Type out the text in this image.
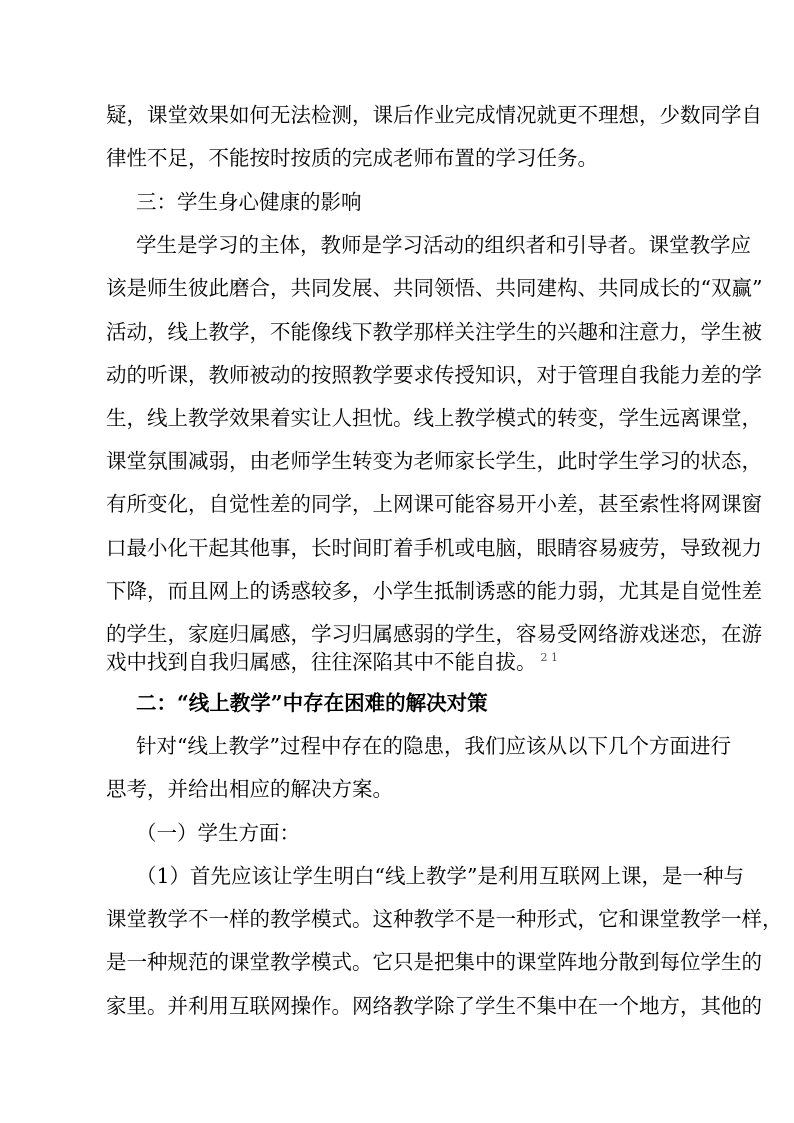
疑，课堂效果如何无法检测，课后作业完成情况就更不理想，少数同学自
律性不足，不能按时按质的完成老师布置的学习任务。
三：学生身心健康的影响
学生是学习的主体，教师是学习活动的组织者和引导者。课堂教学应
该是师生彼此磨合，共同发展、共同领悟、共同建构、共同成长的“双赢”
活动，线上教学，不能像线下教学那样关注学生的兴趣和注意力，学生被
动的听课，教师被动的按照教学要求传授知识，对于管理自我能力差的学
生，线上教学效果着实让人担忧。线上教学模式的转变，学生远离课堂，
课堂氛围减弱，由老师学生转变为老师家长学生，此时学生学习的状态，
有所变化，自觉性差的同学，上网课可能容易开小差，甚至索性将网课窗
口最小化干起其他事，长时间盯着手机或电脑，眼睛容易疲劳，导致视力
下降，而且网上的诱惑较多，小学生抵制诱惑的能力弱，尤其是自觉性差
的学生，家庭归属感，学习归属感弱的学生，容易受网络游戏迷恋，在游
戏中找到自我归属感，往往深陷其中不能自拔。 $^{2 1}$
二：“线上教学”中存在困难的解决对策
针对“线上教学”过程中存在的隐患，我们应该从以下几个方面进行
思考，并给出相应的解决方案。
（一）学生方面：
（1）首先应该让学生明白“线上教学”是利用互联网上课，是一种与
课堂教学不一样的教学模式。这种教学不是一种形式，它和课堂教学一样，
是一种规范的课堂教学模式。它只是把集中的课堂阵地分散到每位学生的
家里。并利用互联网操作。网络教学除了学生不集中在一个地方，其他的
